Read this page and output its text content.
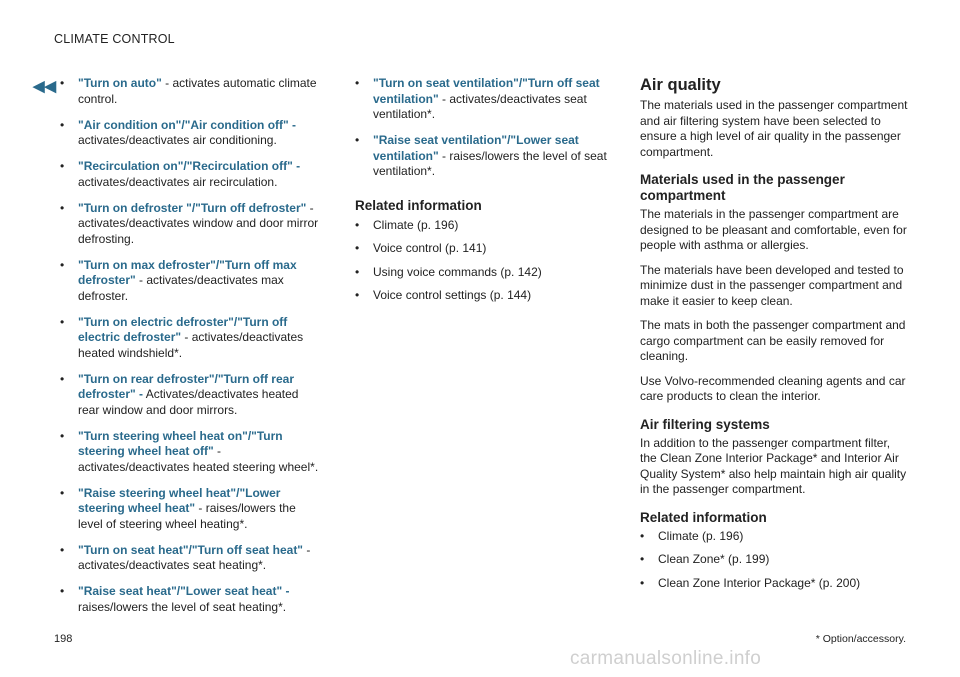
CLIMATE CONTROL
◀◀ • "Turn on auto" - activates automatic climate control.
• "Air condition on"/"Air condition off" - activates/deactivates air conditioning.
• "Recirculation on"/"Recirculation off" - activates/deactivates air recirculation.
• "Turn on defroster "/"Turn off defroster" - activates/deactivates window and door mirror defrosting.
• "Turn on max defroster"/"Turn off max defroster" - activates/deactivates max defroster.
• "Turn on electric defroster"/"Turn off electric defroster" - activates/deactivates heated windshield*.
• "Turn on rear defroster"/"Turn off rear defroster" - Activates/deactivates heated rear window and door mirrors.
• "Turn steering wheel heat on"/"Turn steering wheel heat off" - activates/deactivates heated steering wheel*.
• "Raise steering wheel heat"/"Lower steering wheel heat" - raises/lowers the level of steering wheel heating*.
• "Turn on seat heat"/"Turn off seat heat" - activates/deactivates seat heating*.
• "Raise seat heat"/"Lower seat heat" - raises/lowers the level of seat heating*.
• "Turn on seat ventilation"/"Turn off seat ventilation" - activates/deactivates seat ventilation*.
• "Raise seat ventilation"/"Lower seat ventilation" - raises/lowers the level of seat ventilation*.
Related information
• Climate (p. 196)
• Voice control (p. 141)
• Using voice commands (p. 142)
• Voice control settings (p. 144)
Air quality

The materials used in the passenger compartment and air filtering system have been selected to ensure a high level of air quality in the passenger compartment.

Materials used in the passenger compartment

The materials in the passenger compartment are designed to be pleasant and comfortable, even for people with asthma or allergies.

The materials have been developed and tested to minimize dust in the passenger compartment and make it easier to keep clean.

The mats in both the passenger compartment and cargo compartment can be easily removed for cleaning.

Use Volvo-recommended cleaning agents and car care products to clean the interior.

Air filtering systems

In addition to the passenger compartment filter, the Clean Zone Interior Package* and Interior Air Quality System* also help maintain high air quality in the passenger compartment.

Related information
• Climate (p. 196)
• Clean Zone* (p. 199)
• Clean Zone Interior Package* (p. 200)
198	* Option/accessory.
carmanualsonline.info
